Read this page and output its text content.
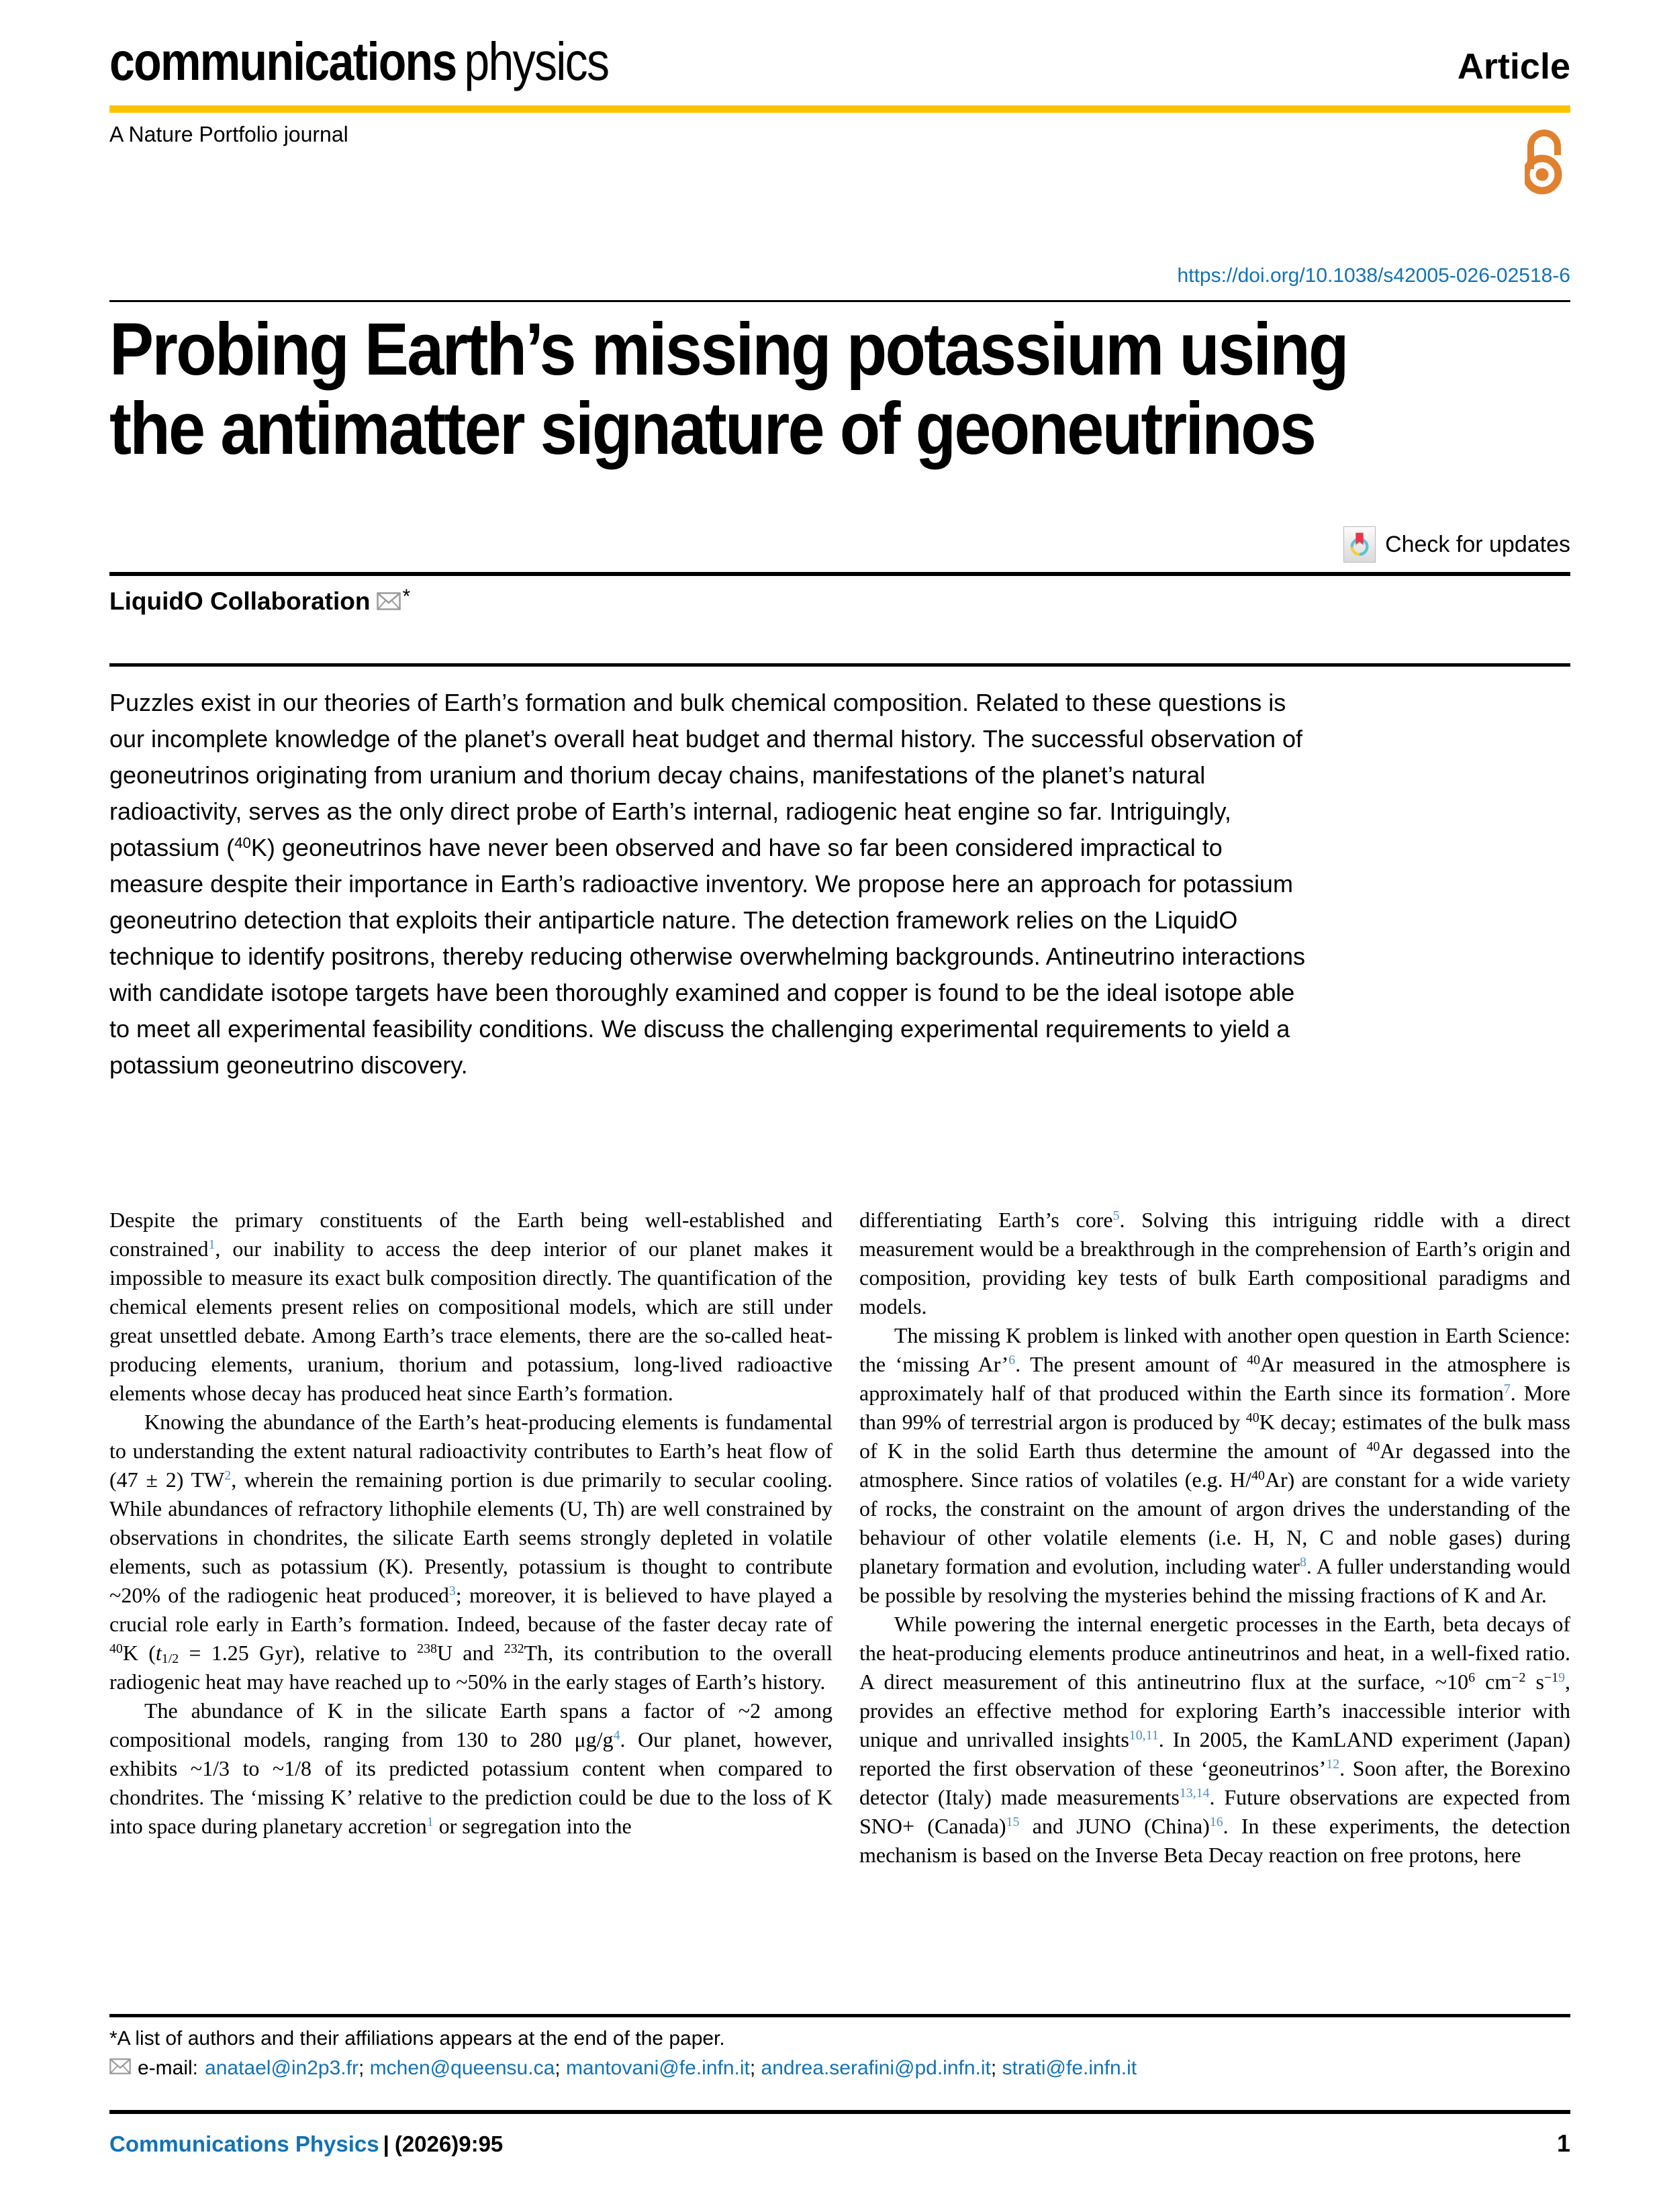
communications physics	Article
A Nature Portfolio journal
https://doi.org/10.1038/s42005-026-02518-6
Probing Earth’s missing potassium using
the antimatter signature of geoneutrinos
Check for updates
LiquidO Collaboration *
Puzzles exist in our theories of Earth’s formation and bulk chemical composition. Related to these questions is our incomplete knowledge of the planet’s overall heat budget and thermal history. The successful observation of geoneutrinos originating from uranium and thorium decay chains, manifestations of the planet’s natural radioactivity, serves as the only direct probe of Earth’s internal, radiogenic heat engine so far. Intriguingly, potassium ($^{40}$K) geoneutrinos have never been observed and have so far been considered impractical to measure despite their importance in Earth’s radioactive inventory. We propose here an approach for potassium geoneutrino detection that exploits their antiparticle nature. The detection framework relies on the LiquidO technique to identify positrons, thereby reducing otherwise overwhelming backgrounds. Antineutrino interactions with candidate isotope targets have been thoroughly examined and copper is found to be the ideal isotope able to meet all experimental feasibility conditions. We discuss the challenging experimental requirements to yield a potassium geoneutrino discovery.

Despite the primary constituents of the Earth being well-established and constrained$^1$, our inability to access the deep interior of our planet makes it impossible to measure its exact bulk composition directly. The quantification of the chemical elements present relies on compositional models, which are still under great unsettled debate. Among Earth’s trace elements, there are the so-called heat-producing elements, uranium, thorium and potassium, long-lived radioactive elements whose decay has produced heat since Earth’s formation.

Knowing the abundance of the Earth’s heat-producing elements is fundamental to understanding the extent natural radioactivity contributes to Earth’s heat flow of (47 ± 2) TW$^2$, wherein the remaining portion is due primarily to secular cooling. While abundances of refractory lithophile elements (U, Th) are well constrained by observations in chondrites, the silicate Earth seems strongly depleted in volatile elements, such as potassium (K). Presently, potassium is thought to contribute ~20% of the radiogenic heat produced$^3$; moreover, it is believed to have played a crucial role early in Earth’s formation. Indeed, because of the faster decay rate of $^{40}$K ($t_{1/2} = 1.25$ Gyr), relative to $^{238}$U and $^{232}$Th, its contribution to the overall radiogenic heat may have reached up to ~50% in the early stages of Earth’s history.

The abundance of K in the silicate Earth spans a factor of ~2 among compositional models, ranging from 130 to 280 μg/g$^4$. Our planet, however, exhibits ~1/3 to ~1/8 of its predicted potassium content when compared to chondrites. The ‘missing K’ relative to the prediction could be due to the loss of K into space during planetary accretion$^1$ or segregation into the

differentiating Earth’s core$^5$. Solving this intriguing riddle with a direct measurement would be a breakthrough in the comprehension of Earth’s origin and composition, providing key tests of bulk Earth compositional paradigms and models.

The missing K problem is linked with another open question in Earth Science: the ‘missing Ar’$^6$. The present amount of $^{40}$Ar measured in the atmosphere is approximately half of that produced within the Earth since its formation$^7$. More than 99% of terrestrial argon is produced by $^{40}$K decay; estimates of the bulk mass of K in the solid Earth thus determine the amount of $^{40}$Ar degassed into the atmosphere. Since ratios of volatiles (e.g. H/$^{40}$Ar) are constant for a wide variety of rocks, the constraint on the amount of argon drives the understanding of the behaviour of other volatile elements (i.e. H, N, C and noble gases) during planetary formation and evolution, including water$^8$. A fuller understanding would be possible by resolving the mysteries behind the missing fractions of K and Ar.

While powering the internal energetic processes in the Earth, beta decays of the heat-producing elements produce antineutrinos and heat, in a well-fixed ratio. A direct measurement of this antineutrino flux at the surface, $\sim 10^6$ $cm^{-2}$ s$^{-19}$, provides an effective method for exploring Earth’s inaccessible interior with unique and unrivalled insights$^{10,11}$. In 2005, the KamLAND experiment (Japan) reported the first observation of these ‘geoneutrinos’$^{12}$. Soon after, the Borexino detector (Italy) made measurements$^{13,14}$. Future observations are expected from SNO+ (Canada)$^{15}$ and JUNO (China)$^{16}$. In these experiments, the detection mechanism is based on the Inverse Beta Decay reaction on free protons, here

*A list of authors and their affiliations appears at the end of the paper.
e-mail: anatael@in2p3.fr; mchen@queensu.ca; mantovani@fe.infn.it; andrea.serafini@pd.infn.it; strati@fe.infn.it
Communications Physics | (2026)9:95	1
